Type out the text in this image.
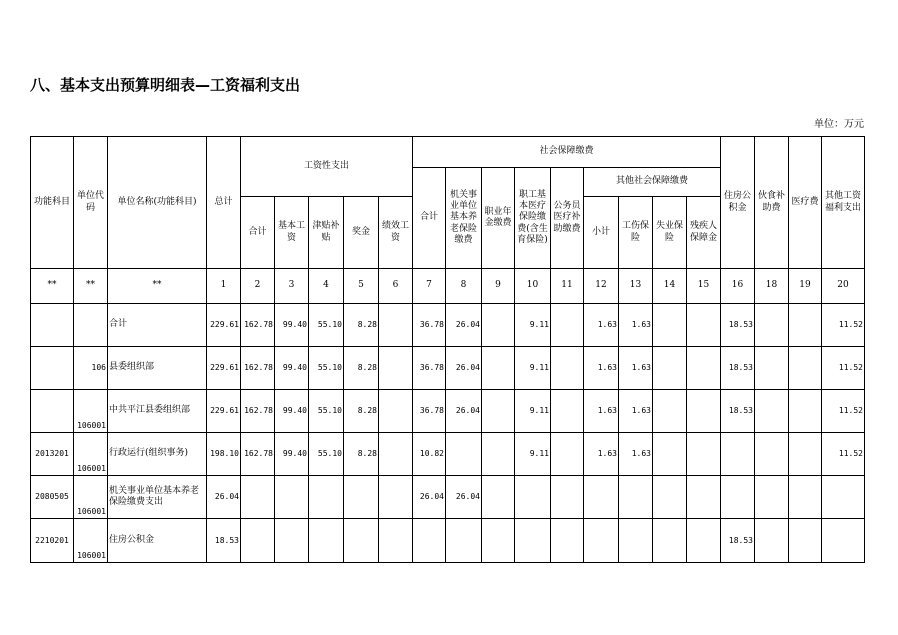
八、基本支出预算明细表—工资福利支出
单位：万元
功能科目	单位代码	单位名称(功能科目)	总计	工资性支出					社会保障缴费									住房公积金	伙食补助费	医疗费	其他工资福利支出
									合计	机关事业单位基本养老保险缴费	职业年金缴费	职工基本医疗保险缴费(含生育保险)	公务员医疗补助缴费	其他社会保障缴费							
				合计	基本工资	津贴补贴	奖金	绩效工资						小计	工伤保险	失业保险	残疾人保障金				

**	**	**	1	2	3	4	5	6	7	8	9	10	11	12	13	14	15	16	18	19	20
		合计	229.61	162.78	99.40	55.10	8.28		36.78	26.04		9.11		1.63	1.63			18.53			11.52
	106	县委组织部	229.61	162.78	99.40	55.10	8.28		36.78	26.04		9.11		1.63	1.63			18.53			11.52
	106001	中共平江县委组织部	229.61	162.78	99.40	55.10	8.28		36.78	26.04		9.11		1.63	1.63			18.53			11.52
2013201	106001	行政运行(组织事务)	198.10	162.78	99.40	55.10	8.28		10.82			9.11		1.63	1.63						11.52
2080505	106001	机关事业单位基本养老保险缴费支出	26.04						26.04	26.04											
2210201	106001	住房公积金	18.53															18.53			
